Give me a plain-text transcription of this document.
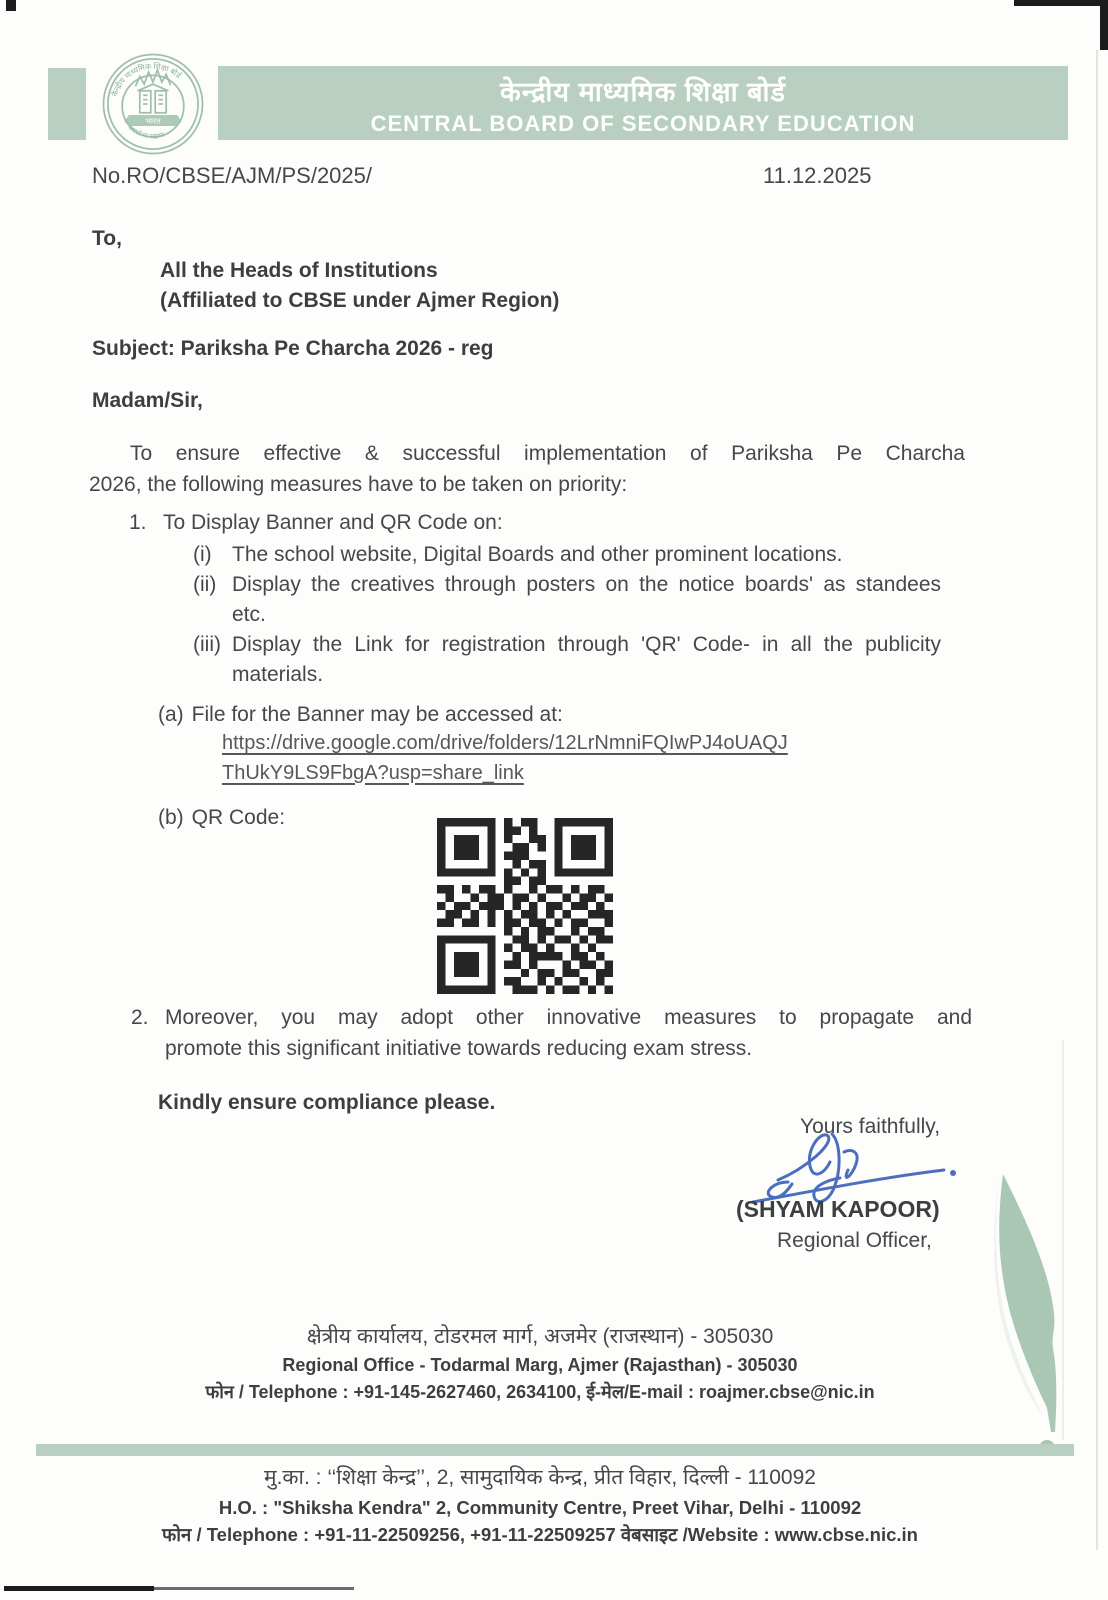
केन्द्रीय माध्यमिक शिक्षा बोर्ड
भारत
असतो मा सद्गमय
केन्द्रीय माध्यमिक शिक्षा बोर्ड
CENTRAL BOARD OF SECONDARY EDUCATION
No.RO/CBSE/AJM/PS/2025/	11.12.2025
To,
All the Heads of Institutions
(Affiliated to CBSE under Ajmer Region)
Subject: Pariksha Pe Charcha 2026 - reg
Madam/Sir,
To ensure effective & successful implementation of Pariksha Pe Charcha
2026, the following measures have to be taken on priority:
1. To Display Banner and QR Code on:
(i) The school website, Digital Boards and other prominent locations.
(ii) Display the creatives through posters on the notice boards' as standees
etc.
(iii) Display the Link for registration through 'QR' Code- in all the publicity
materials.
(a) File for the Banner may be accessed at:
https://drive.google.com/drive/folders/12LrNmniFQIwPJ4oUAQJ
ThUkY9LS9FbgA?usp=share_link
(b) QR Code:
2. Moreover, you may adopt other innovative measures to propagate and
promote this significant initiative towards reducing exam stress.
Kindly ensure compliance please.
Yours faithfully,
(SHYAM KAPOOR)
Regional Officer,
क्षेत्रीय कार्यालय, टोडरमल मार्ग, अजमेर (राजस्थान) - 305030
Regional Office - Todarmal Marg, Ajmer (Rajasthan) - 305030
फोन / Telephone : +91-145-2627460, 2634100, ई-मेल/E-mail : roajmer.cbse@nic.in
मु.का. : ‘‘शिक्षा केन्द्र’’, 2, सामुदायिक केन्द्र, प्रीत विहार, दिल्ली - 110092
H.O. : "Shiksha Kendra" 2, Community Centre, Preet Vihar, Delhi - 110092
फोन / Telephone : +91-11-22509256, +91-11-22509257 वेबसाइट /Website : www.cbse.nic.in
